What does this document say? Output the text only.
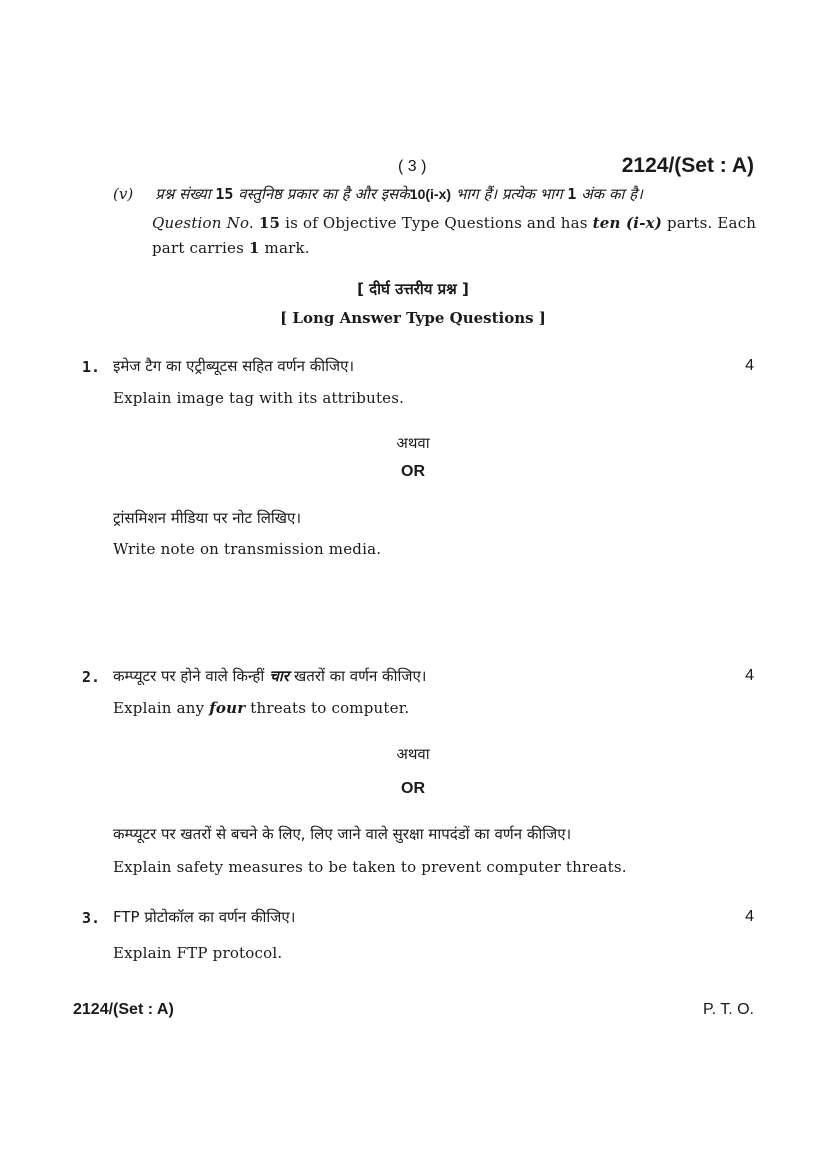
( 3 )	2124/(Set : A)
(v) प्रश्न संख्या 15 वस्तुनिष्ठ प्रकार का है और इसके10(i-x) भाग हैं। प्रत्येक भाग 1 अंक का है।
Question No. 15 is of Objective Type Questions and has ten (i-x) parts. Each
part carries 1 mark.
[ दीर्घ उत्तरीय प्रश्न ]
[ Long Answer Type Questions ]
1. इमेज टैग का एट्रीब्यूटस सहित वर्णन कीजिए।	4
Explain image tag with its attributes.
अथवा
OR
ट्रांसमिशन मीडिया पर नोट लिखिए।
Write note on transmission media.
2. कम्प्यूटर पर होने वाले किन्हीं चार खतरों का वर्णन कीजिए।	4
Explain any four threats to computer.
अथवा
OR
कम्प्यूटर पर खतरों से बचने के लिए, लिए जाने वाले सुरक्षा मापदंडों का वर्णन कीजिए।
Explain safety measures to be taken to prevent computer threats.
3. FTP प्रोटोकॉल का वर्णन कीजिए।	4
Explain FTP protocol.
2124/(Set : A)	P. T. O.
